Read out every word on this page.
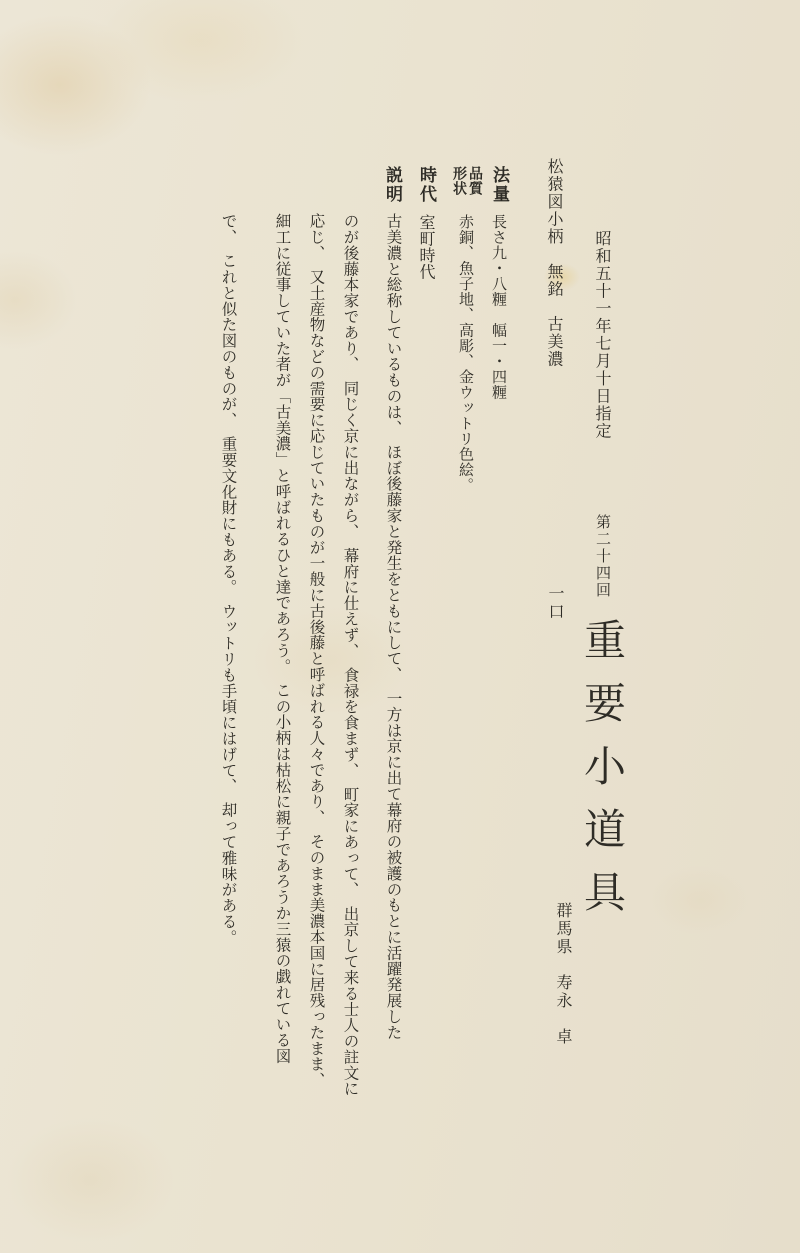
昭和五十一年七月十日指定
松猿図小柄　無銘　古美濃
第二十四回
重要小道具
一口
群馬県　寿永　卓
法量
長さ九・八糎　幅一・四糎
品質
形状
赤銅、魚子地、高彫、金ウットリ色絵。
時代
室町時代
説明
古美濃と総称しているものは、　ほぼ後藤家と発生をともにして、　一方は京に出て幕府の被護のもとに活躍発展した
のが後藤本家であり、　同じく京に出ながら、　幕府に仕えず、　食禄を食まず、　町家にあって、　出京して来る士人の註文に
応じ、　又土産物などの需要に応じていたものが一般に古後藤と呼ばれる人々であり、　そのまま美濃本国に居残ったまま、
細工に従事していた者が「古美濃」と呼ばれるひと達であろう。　この小柄は枯松に親子であろうか三猿の戯れている図
で、　これと似た図のものが、　重要文化財にもある。　ウットリも手頃にはげて、　却って雅味がある。
